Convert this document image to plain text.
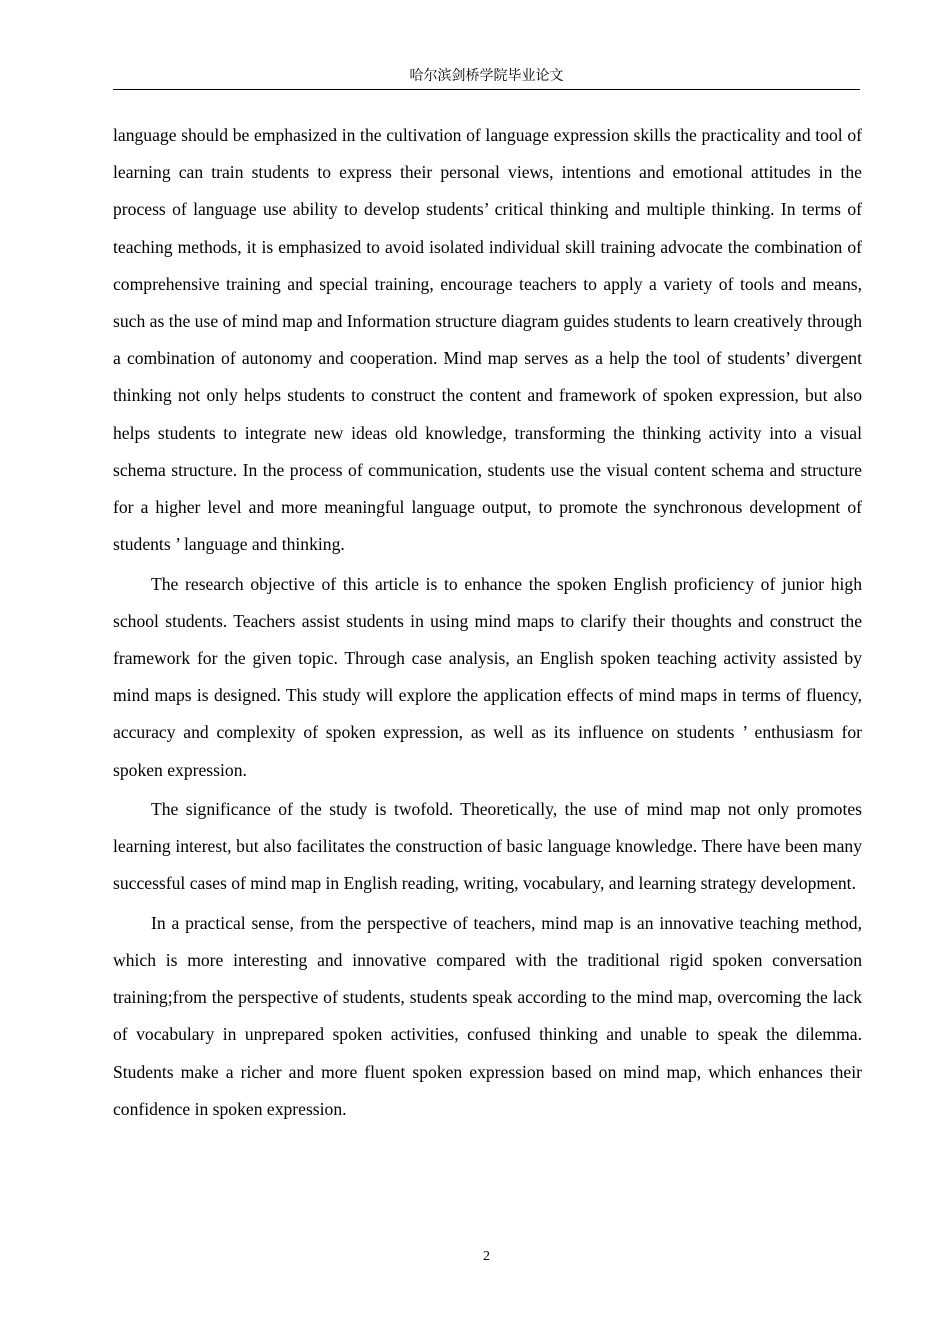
哈尔滨剑桥学院毕业论文

language should be emphasized in the cultivation of language expression skills the practicality and tool of learning can train students to express their personal views, intentions and emotional attitudes in the process of language use ability to develop students’ critical thinking and multiple thinking. In terms of teaching methods, it is emphasized to avoid isolated individual skill training advocate the combination of comprehensive training and special training, encourage teachers to apply a variety of tools and means, such as the use of mind map and Information structure diagram guides students to learn creatively through a combination of autonomy and cooperation. Mind map serves as a help the tool of students’ divergent thinking not only helps students to construct the content and framework of spoken expression, but also helps students to integrate new ideas old knowledge, transforming the thinking activity into a visual schema structure. In the process of communication, students use the visual content schema and structure for a higher level and more meaningful language output, to promote the synchronous development of students ’ language and thinking.

The research objective of this article is to enhance the spoken English proficiency of junior high school students. Teachers assist students in using mind maps to clarify their thoughts and construct the framework for the given topic. Through case analysis, an English spoken teaching activity assisted by mind maps is designed. This study will explore the application effects of mind maps in terms of fluency, accuracy and complexity of spoken expression, as well as its influence on students ’ enthusiasm for spoken expression.

The significance of the study is twofold. Theoretically, the use of mind map not only promotes learning interest, but also facilitates the construction of basic language knowledge. There have been many successful cases of mind map in English reading, writing, vocabulary, and learning strategy development.

In a practical sense, from the perspective of teachers, mind map is an innovative teaching method, which is more interesting and innovative compared with the traditional rigid spoken conversation training;from the perspective of students, students speak according to the mind map, overcoming the lack of vocabulary in unprepared spoken activities, confused thinking and unable to speak the dilemma. Students make a richer and more fluent spoken expression based on mind map, which enhances their confidence in spoken expression.

2
